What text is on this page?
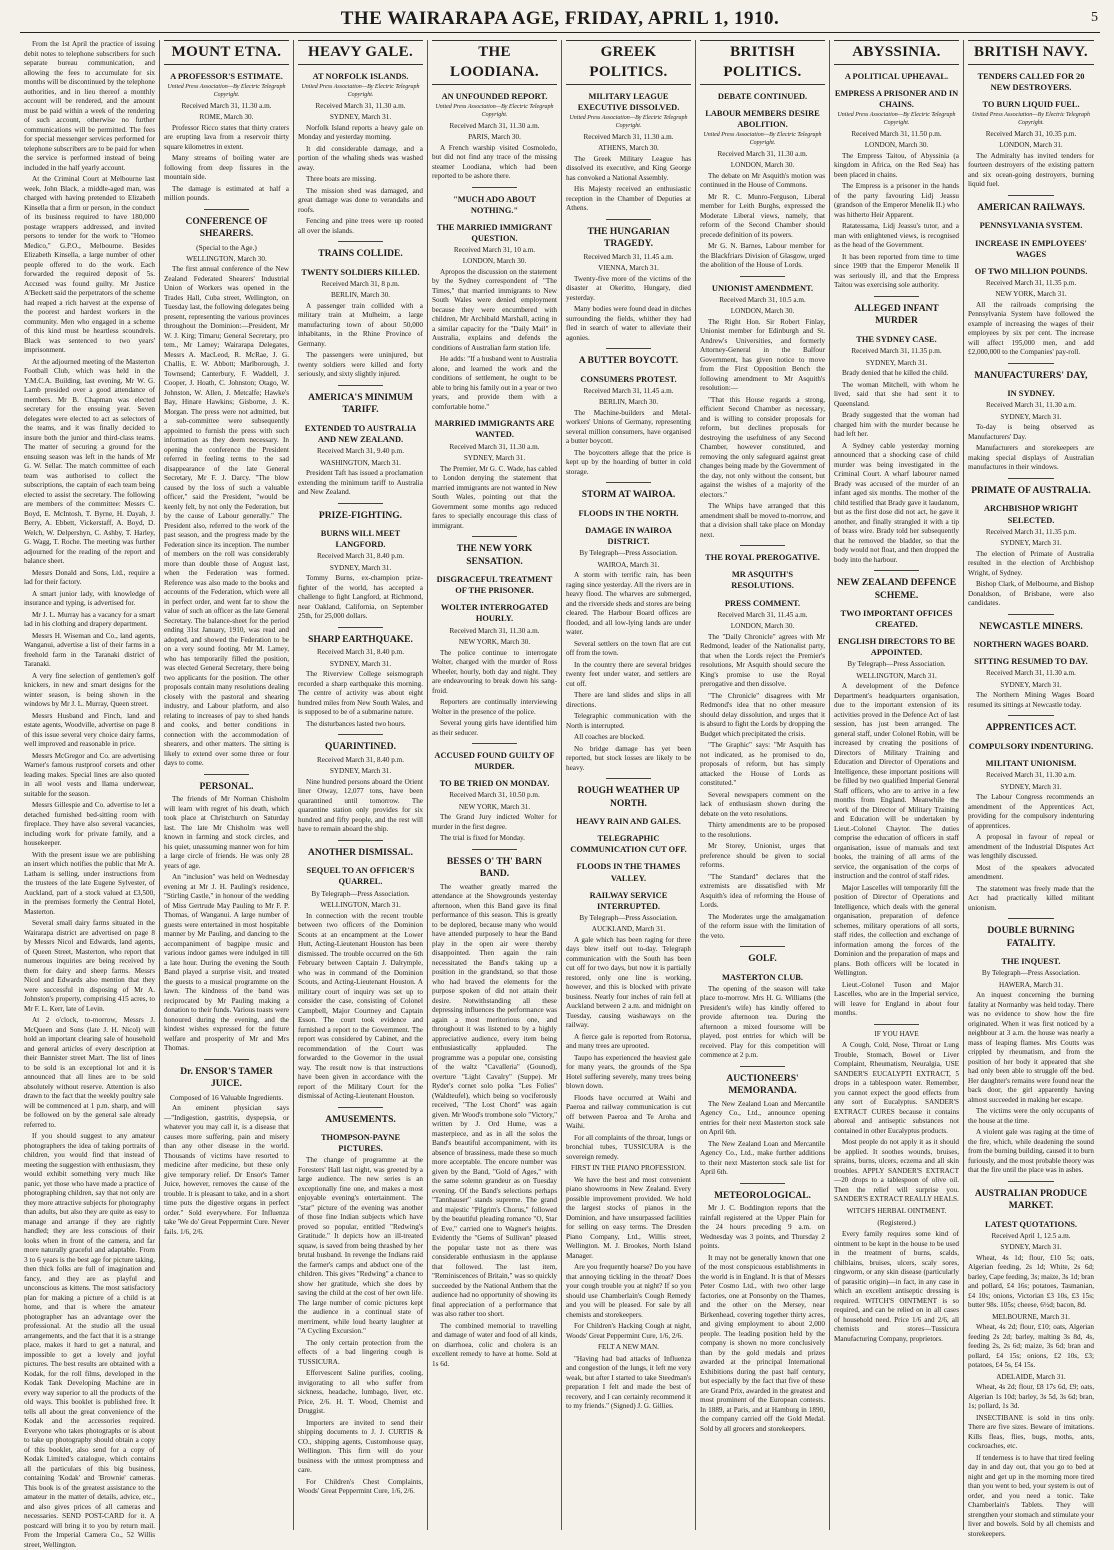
THE WAIRARAPA AGE, FRIDAY, APRIL 1, 1910.	5

From the 1st April the practice of issuing debit notes to telephone subscribers for such separate bureau communication, and allowing the fees to accumulate for six months will be discontinued by the telephone authorities, and in lieu thereof a monthly account will be rendered, and the amount must be paid within a week of the rendering of such account, otherwise no further communications will be permitted. The fees for special messenger services performed for telephone subscribers are to be paid for when the service is performed instead of being included in the half yearly account.

At the Criminal Court at Melbourne last week, John Black, a middle-aged man, was charged with having pretended to Elizabeth Kinsella that a firm or person, in the conduct of its business required to have 180,000 postage wrappers addressed, and invited persons to tender for the work to "Homeo Medico," G.P.O., Melbourne. Besides Elizabeth Kinsella, a large number of other people offered to do the work. Each forwarded the required deposit of 5s. Accused was found guilty. Mr Justice A'Beckett said the perpetrators of the scheme had reaped a rich harvest at the expense of the poorest and hardest workers in the community. Men who engaged in a scheme of this kind must be heartless scoundrels. Black was sentenced to two years' imprisonment.

At the adjourned meeting of the Masterton Football Club, which was held in the Y.M.C.A. Building, last evening, Mr W. G. Lamb presided over a good attendance of members. Mr B. Chapman was elected secretary for the ensuing year. Seven delegates were elected to act as selectors of the teams, and it was finally decided to insure both the junior and third-class teams. The matter of securing a ground for the ensuing season was left in the hands of Mr G. W. Sellar. The match committee of each team was authorised to collect the subscriptions, the captain of each team being elected to assist the secretary. The following are members of the committee: Messrs C. Boyd, E. McIntosh, T. Byrne, H. Dayah, J. Berry, A. Ebbett, Vickerstaff, A. Boyd, D. Welch, W. Delpershyn, C. Ashby, T. Harley, G. Wagg, T. Roche. The meeting was further adjourned for the reading of the report and balance sheet.

Messrs Donald and Sons, Ltd., require a lad for their factory.

A smart junior lady, with knowledge of insurance and typing, is advertised for.

Mr J. L. Murray has a vacancy for a smart lad in his clothing and drapery department.

Messrs H. Wiseman and Co., land agents, Wanganui, advertise a list of their farms in a freehold farm in the Taranaki district of Taranaki.

A very fine selection of gentlemen's golf knickers, in new and smart designs for the winter season, is being shown in the windows by Mr J. L. Murray, Queen street.

Messrs Husband and Finch, land and estate agents, Woodville, advertise on page 8 of this issue several very choice dairy farms, well improved and reasonable in price.

Messrs McGregor and Co. are advertising Warner's famous rustproof corsets and other leading makes. Special lines are also quoted in all wool vests and llama underwear, suitable for the season.

Messrs Gillespie and Co. advertise to let a detached furnished bed-sitting room with fireplace. They have also several vacancies, including work for private family, and a housekeeper.

With the present issue we are publishing an insert which notifies the public that Mr A. Latham is selling, under instructions from the trustees of the late Eugene Sylvester, of Auckland, part of a stock valued at £3,500, in the premises formerly the Central Hotel, Masterton.

Several small dairy farms situated in the Wairarapa district are advertised on page 8 by Messrs Nicol and Edwards, land agents, of Queen Street, Masterton, who report that numerous inquiries are being received by them for dairy and sheep farms. Messrs Nicol and Edwards also mention that they were successful in disposing of Mr A. Johnston's property, comprising 415 acres, to Mr F. L. Kerr, late of Levin.

At 2 o'clock, to-morrow, Messrs J. McQueen and Sons (late J. H. Nicol) will hold an important clearing sale of household and general articles of every description at their Bannister street Mart. The list of lines to be sold is an exceptional lot and it is announced that all lines are to be sold absolutely without reserve. Attention is also drawn to the fact that the weekly poultry sale will be commenced at 1 p.m. sharp, and will be followed on by the general sale already referred to.

If you should suggest to any amateur photographers the idea of taking portraits of children, you would find that instead of meeting the suggestion with enthusiasm, they would exhibit something very much like panic, yet those who have made a practice of photographing children, say that not only are they more attractive subjects for photography than adults, but also they are quite as easy to manage and arrange if they are rightly handled; they are less conscious of their looks when in front of the camera, and far more naturally graceful and adaptable. From 3 to 6 years is the best age for picture taking, then thick folks are full of imagination and fancy, and they are as playful and unconscious as kittens. The most satisfactory plan for making a picture of a child is at home, and that is where the amateur photographer has an advantage over the professional. At the studio all the usual arrangements, and the fact that it is a strange place, makes it hard to get a natural, and impossible to get a lovely and joyful pictures. The best results are obtained with a Kodak, for the roll films, developed in the Kodak Tank Developing Machine are in every way superior to all the products of the old ways. This booklet is published free. It tells all about the great convenience of the Kodak and the accessories required. Everyone who takes photographs or is about to take up photography should obtain a copy of this booklet, also send for a copy of Kodak Limited's catalogue, which contains all the particulars of this big business, containing 'Kodak' and 'Brownie' cameras. This book is of the greatest assistance to the amateur in the matter of details, advice, etc., and also gives prices of all cameras and necessaries. SEND POST-CARD for it. A postcard will bring it to you by return mail. From the Imperial Camera Co., 52 Willis street, Wellington.

MOUNT ETNA.
A PROFESSOR'S ESTIMATE.

United Press Association—By Electric Telegraph Copyright.

Received March 31, 11.30 a.m.

ROME, March 30.

Professor Ricco states that thirty craters are erupting lava from a reservoir thirty square kilometres in extent.

Many streams of boiling water are following from deep fissures in the mountain side.

The damage is estimated at half a million pounds.

CONFERENCE OF SHEARERS.
(Special to the Age.)

WELLINGTON, March 30.

The first annual conference of the New Zealand Federated Shearers' Industrial Union of Workers was opened in the Trades Hall, Cuba street, Wellington, on Tuesday last, the following delegates being present, representing the various provinces throughout the Dominion:—President, Mr W. J. Kirg; Timaru; General Secretary, pro tem., Mr Lamey; Wairarapa Delegates, Messrs A. MacLeod, R. McRae, J. G. Challis, E. W. Abbott; Marlborough, J. Townsend; Canterbury, F. Waddell, J. Cooper, J. Hoath, C. Johnston; Otago, W. Johnston, W. Allen, J. Metcalfe; Hawke's Bay, Hinare Hawkins; Gisborne, J. K. Morgan. The press were not admitted, but a sub-committee were subsequently appointed to furnish the press with such information as they deem necessary. In opening the conference the President referred in feeling terms to the sad disappearance of the late General Secretary, Mr F. J. Darcy. "The blow caused by the loss of such a valuable officer," said the President, "would be keenly felt, by not only the Federation, but by the cause of Labour generally." The President also, referred to the work of the past season, and the progress made by the Federation since its inception. The number of members on the roll was considerably more than double those of August last, when the Federation was formed. Reference was also made to the books and accounts of the Federation, which were all in perfect order, and went far to show the value of such an officer as the late General Secretary. The balance-sheet for the period ending 31st January, 1910, was read and adopted, and showed the Federation to be on a very sound footing. Mr M. Lamey, who has temporarily filled the position, was elected General Secretary, there being two applicants for the position. The other proposals contain many resolutions dealing closely with the pastoral and shearing industry, and Labour platform, and also relating to increases of pay to shed hands and cooks, and better conditions in connection with the accommodation of shearers, and other matters. The sitting is likely to extend over some three or four days to come.

PERSONAL.

The friends of Mr Norman Chisholm will learn with regret of his death, which took place at Christchurch on Saturday last. The late Mr Chisholm was well known in farming and stock circles, and his quiet, unassuming manner won for him a large circle of friends. He was only 28 years of age.

An "inclusion" was held on Wednesday evening at Mr J. H. Pauling's residence, "Stirling Castle," in honour of the wedding of Miss Gertrude May Pauling to Mr F. P. Thomas, of Wanganui. A large number of guests were entertained in most hospitable manner by Mr Pauling, and dancing to the accompaniment of bagpipe music and various indoor games were indulged in till a late hour. During the evening the South Band played a surprise visit, and treated the guests to a musical programme on the lawn. The kindness of the band was reciprocated by Mr Pauling making a donation to their funds. Various toasts were honoured during the evening, and the kindest wishes expressed for the future welfare and prosperity of Mr and Mrs Thomas.

Dr. ENSOR'S TAMER JUICE.
Composed of 16 Valuable Ingredients.

An eminent physician says—"Indigestion, gastritis, dyspepsia, or whatever you may call it, is a disease that causes more suffering, pain and misery than any other disease in the world. Thousands of victims have resorted to medicine after medicine, but these only give temporary relief. Dr Ensor's Tamer Juice, however, removes the cause of the trouble. It is pleasant to take, and in a short time puts the digestive organs in perfect order." Sold everywhere. For Influenza take 'We do' Great Peppermint Cure. Never fails. 1/6, 2/6.

HEAVY GALE.
AT NORFOLK ISLANDS.

United Press Association—By Electric Telegraph Copyright.

Received March 31, 11.30 a.m.

SYDNEY, March 31.

Norfolk Island reports a heavy gale on Monday and yesterday morning.

It did considerable damage, and a portion of the whaling sheds was washed away.

Three boats are missing.

The mission shed was damaged, and great damage was done to verandahs and roofs.

Fencing and pine trees were up rooted all over the islands.

TRAINS COLLIDE.
TWENTY SOLDIERS KILLED.

Received March 31, 8 p.m.

BERLIN, March 30.

A passenger train collided with a military train at Mulheim, a large manufacturing town of about 50,000 inhabitants, in the Rhine Province of Germany.

The passengers were uninjured, but twenty soldiers were killed and forty seriously, and sixty slightly injured.

AMERICA'S MINIMUM TARIFF.
EXTENDED TO AUSTRALIA AND NEW ZEALAND.

Received March 31, 9.40 p.m.

WASHINGTON, March 31.

President Taft has issued a proclamation extending the minimum tariff to Australia and New Zealand.

PRIZE-FIGHTING.
BURNS WILL MEET LANGFORD.

Received March 31, 8.40 p.m.

SYDNEY, March 31.

Tommy Burns, ex-champion prize-fighter of the world, has accepted a challenge to fight Langford, at Richmond, near Oakland, California, on September 25th, for 25,000 dollars.

SHARP EARTHQUAKE.

Received March 31, 8.40 p.m.

SYDNEY, March 31.

The Riverview College seismograph recorded a sharp earthquake this morning. The centre of activity was about eight hundred miles from New South Wales, and is supposed to be of a submarine nature.

The disturbances lasted two hours.

QUARINTINED.

Received March 31, 8.40 p.m.

SYDNEY, March 31.

Nine hundred persons aboard the Orient liner Otway, 12,077 tons, have been quarantined until tomorrow. The quarantine station only provides for six hundred and fifty people, and the rest will have to remain aboard the ship.

ANOTHER DISMISSAL.
SEQUEL TO AN OFFICER'S QUARREL.

By Telegraph—Press Association.

WELLINGTON, March 31.

In connection with the recent trouble between two officers of the Dominion Scouts at an encampment at the Lower Hutt, Acting-Lieutenant Houston has been dismissed. The trouble occurred on the 6th February between Captain J. Dalrymple, who was in command of the Dominion Scouts, and Acting-Lieutenant Houston. A military court of inquiry was set up to consider the case, consisting of Colonel Campbell, Major Courtney and Captain Esson. The court took evidence and furnished a report to the Government. The report was considered by Cabinet, and the recommendation of the Court was forwarded to the Governor in the usual way. The result now is that instructions have been given in accordance with the report of the Military Court for the dismissal of Acting-Lieutenant Houston.

AMUSEMENTS.
THOMPSON-PAYNE PICTURES.

The change of programme at the Foresters' Hall last night, was greeted by a large audience. The new series is an exceptionally fine one, and makes a most enjoyable evening's entertainment. The "star" picture of the evening was another of those fine Indian subjects which have proved so popular, entitled "Redwing's Gratitude." It depicts how an ill-treated squaw, is saved from being thrashed by her brutal husband. In revenge the Indians raid the farmer's camps and abduct one of the children. This gives "Redwing" a chance to show her gratitude, which she does by saving the child at the cost of her own life. The large number of comic pictures kept the audience in a continual state of merriment, while loud hearty laughter at "A Cycling Excursion."

The only certain protection from the effects of a bad lingering cough is TUSSICURA.

Effervescent Saline purifies, cooling, invigorating to all who suffer from sickness, headache, lumbago, liver, etc. Price, 2/6. H. T. Wood, Chemist and Druggist.

Importers are invited to send their shipping documents to J. J. CURTIS & CO., shipping agents, Customhouse quay, Wellington. This firm will do your business with the utmost promptness and care.

For Children's Chest Complaints, Woods' Great Peppermint Cure, 1/6, 2/6.

THE LOODIANA.
AN UNFOUNDED REPORT.

United Press Association—By Electric Telegraph Copyright.

Received March 31, 11.30 a.m.

PARIS, March 30.

A French warship visited Cosmoledo, but did not find any trace of the missing steamer Loodiana, which had been reported to be ashore there.

"MUCH ADO ABOUT NOTHING."
THE MARRIED IMMIGRANT QUESTION.

Received March 31, 10 a.m.

LONDON, March 30.

Apropos the discussion on the statement by the Sydney correspondent of "The Times," that married immigrants to New South Wales were denied employment because they were encumbered with children, Mr Archibald Marshall, acting in a similar capacity for the "Daily Mail" in Australia, explains and defends the conditions of Australian farm station life.

He adds: "If a husband went to Australia alone, and learned the work and the conditions of settlement, he ought to be able to bring his family out in a year or two years, and provide them with a comfortable home."

MARRIED IMMIGRANTS ARE WANTED.

Received March 31, 11.30 a.m.

SYDNEY, March 31.

The Premier, Mr G. C. Wade, has cabled to London denying the statement that married immigrants are not wanted in New South Wales, pointing out that the Government some months ago reduced fares to specially encourage this class of immigrant.

THE NEW YORK SENSATION.
DISGRACEFUL TREATMENT OF THE PRISONER.
WOLTER INTERROGATED HOURLY.

Received March 31, 11.30 a.m.

NEW YORK, March 30.

The police continue to interrogate Wolter, charged with the murder of Ross Wheeler, hourly, both day and night. They are endeavouring to break down his sang-froid.

Reporters are continually interviewing Wolter in the presence of the police.

Several young girls have identified him as their seducer.

ACCUSED FOUND GUILTY OF MURDER.
TO BE TRIED ON MONDAY.

Received March 31, 10.50 p.m.

NEW YORK, March 31.

The Grand Jury indicted Wolter for murder in the first degree.

The trial is fixed for Monday.

BESSES O' TH' BARN BAND.

The weather greatly marred the attendance at the Showgrounds yesterday afternoon, when this Band gave its final performance of this season. This is greatly to be deplored, because many who would have attended purposely to hear the Band play in the open air were thereby disappointed. Then again the rain necessitated the Band's taking up a position in the grandstand, so that those who had braved the elements for the purpose spoken of did not attain their desire. Notwithstanding all these depressing influences the performance was again a most meritorious one, and throughout it was listened to by a highly appreciative audience, every item being enthusiastically applauded. The programme was a popular one, consisting of the waltz "Cavalleria" (Gounod), overture "Light Cavalry" (Suppe). Mr Ryder's cornet solo polka "Les Folies" (Waldteufel), which being so vociferously received, "The Lost Chord" was again given. Mr Wood's trombone solo "Victory," written by J. Ord Hume, was a masterpiece, and as in all the solos the Band's beautiful accompaniment, with its absence of brassiness, made these so much more acceptable. The encore number was given by the Band, "Gold of Ages," with the same solemn grandeur as on Tuesday evening. Of the Band's selections perhaps "Tannhauser" stands supreme. The grand and majestic "Pilgrim's Chorus," followed by the beautiful pleading romance "O, Star of Eve," carried one to Wagner's heights. Evidently the "Gems of Sullivan" pleased the popular taste not as there was considerable enthusiasm in the applause that followed. The last item, "Reminiscences of Britain," was so quickly succeeded by the National Anthem that the audience had no opportunity of showing its final appreciation of a performance that was also rather too short.

The combined memorial to travelling and damage of water and food of all kinds, on diarrhoea, colic and cholera is an excellent remedy to have at home. Sold at 1s 6d.

GREEK POLITICS.
MILITARY LEAGUE EXECUTIVE DISSOLVED.

United Press Association—By Electric Telegraph Copyright.

Received March 31, 11.30 a.m.

ATHENS, March 30.

The Greek Military League has dissolved its executive, and King George has convoked a National Assembly.

His Majesty received an enthusiastic reception in the Chamber of Deputies at Athens.

THE HUNGARIAN TRAGEDY.

Received March 31, 11.45 a.m.

VIENNA, March 31.

Twenty-five more of the victims of the disaster at Okeritto, Hungary, died yesterday.

Many bodies were found dead in ditches surrounding the fields, whither they had fled in search of water to alleviate their agonies.

A BUTTER BOYCOTT.
CONSUMERS PROTEST.

Received March 31, 11.45 a.m.

BERLIN, March 30.

The Machine-builders and Metal-workers' Unions of Germany, representing several million consumers, have organised a butter boycott.

The boycotters allege that the price is kept up by the hoarding of butter in cold storage.

STORM AT WAIROA.
FLOODS IN THE NORTH.
DAMAGE IN WAIROA DISTRICT.

By Telegraph—Press Association.

WAIROA, March 31.

A storm with terrific rain, has been raging since yesterday. All the rivers are in heavy flood. The wharves are submerged, and the riverside sheds and stores are being cleared. The Harbour Board offices are flooded, and all low-lying lands are under water.

Several settlers on the town flat are cut off from the town.

In the country there are several bridges twenty feet under water, and settlers are cut off.

There are land slides and slips in all directions.

Telegraphic communication with the North is interrupted.

All coaches are blocked.

No bridge damage has yet been reported, but stock losses are likely to be heavy.

ROUGH WEATHER UP NORTH.
HEAVY RAIN AND GALES.
TELEGRAPHIC COMMUNICATION CUT OFF.
FLOODS IN THE THAMES VALLEY.
RAILWAY SERVICE INTERRUPTED.

By Telegraph—Press Association.

AUCKLAND, March 31.

A gale which has been raging for three days blew itself out to-day. Telegraph communication with the South has been cut off for two days, but now it is partially restored, only one line is working, however, and this is blocked with private business. Nearly four inches of rain fell at Auckland between 2 a.m. and midnight on Tuesday, causing washaways on the railway.

A fierce gale is reported from Rotorua, and many trees are uprooted.

Taupo has experienced the heaviest gale for many years, the grounds of the Spa Hotel suffering severely, many trees being blown down.

Floods have occurred at Waihi and Paeroa and railway communication is cut off between Paeroa and Te Aroha and Waihi.

For all complaints of the throat, lungs or bronchial tubes, TUSSICURA is the sovereign remedy.

FIRST IN THE PIANO PROFESSION.

We have the best and most convenient piano showrooms in New Zealand. Every possible improvement provided. We hold the largest stocks of pianos in the Dominion, and have unsurpassed facilities for selling on easy terms. The Dresden Piano Company, Ltd., Willis street, Wellington. M. J. Brookes, North Island Manager.

Are you frequently hoarse? Do you have that annoying tickling in the throat? Does your cough trouble you at night? If so you should use Chamberlain's Cough Remedy and you will be pleased. For sale by all chemists and storekeepers.

For Children's Hacking Cough at night, Woods' Great Peppermint Cure, 1/6, 2/6.

FELT A NEW MAN.

"Having had bad attacks of Influenza and congestion of the lungs, it left me very weak, but after I started to take Steedman's preparation I felt and made the best of recovery, and I can certainly recommend it to my friends." (Signed) J. G. Gillies.

BRITISH POLITICS.
DEBATE CONTINUED.
LABOUR MEMBERS DESIRE ABOLITION.

United Press Association—By Electric Telegraph Copyright.

Received March 31, 11.30 a.m.

LONDON, March 30.

The debate on Mr Asquith's motion was continued in the House of Commons.

Mr R. C. Munro-Ferguson, Liberal member for Leith Burghs, expressed the Moderate Liberal views, namely, that reform of the Second Chamber should precede definition of its powers.

Mr G. N. Barnes, Labour member for the Blackfriars Division of Glasgow, urged the abolition of the House of Lords.

UNIONIST AMENDMENT.

Received March 31, 10.5 a.m.

LONDON, March 30.

The Right Hon. Sir Robert Finlay, Unionist member for Edinburgh and St. Andrew's Universities, and formerly Attorney-General in the Balfour Government, has given notice to move from the First Opposition Bench the following amendment to Mr Asquith's resolution:—

"That this House regards a strong, efficient Second Chamber as necessary, and is willing to consider proposals for reform, but declines proposals for destroying the usefulness of any Second Chamber, however constituted, and removing the only safeguard against great changes being made by the Government of the day, not only without the consent, but against the wishes of a majority of the electors."

The Whips have arranged that this amendment shall be moved to-morrow, and that a division shall take place on Monday next.

THE ROYAL PREROGATIVE.
MR ASQUITH'S RESOLUTIONS.
PRESS COMMENT.

Received March 31, 11.45 a.m.

LONDON, March 30.

The "Daily Chronicle" agrees with Mr Redmond, leader of the Nationalist party, that when the Lords reject the Premier's resolutions, Mr Asquith should secure the King's promise to use the Royal prerogative and then dissolve.

"The Chronicle" disagrees with Mr Redmond's idea that no other measure should delay dissolution, and urges that it is absurd to fight the Lords by dropping the Budget which precipitated the crisis.

"The Graphic" says: "Mr Asquith has not indicated, as he promised to do, proposals of reform, but has simply attacked the House of Lords as constituted."

Several newspapers comment on the lack of enthusiasm shown during the debate on the veto resolutions.

Thirty amendments are to be proposed to the resolutions.

Mr Storey, Unionist, urges that preference should be given to social reforms.

"The Standard" declares that the extremists are dissatisfied with Mr Asquith's idea of reforming the House of Lords.

The Moderates urge the amalgamation of the reform issue with the limitation of the veto.

GOLF.
MASTERTON CLUB.

The opening of the season will take place to-morrow. Mrs H. G. Williams (the President's wife) has kindly offered to provide afternoon tea. During the afternoon a mixed foursome will be played, post entries for which will be received. Play for this competition will commence at 2 p.m.

AUCTIONEERS' MEMORANDA.

The New Zealand Loan and Mercantile Agency Co., Ltd., announce opening entries for their next Masterton stock sale on April 6th.

The New Zealand Loan and Mercantile Agency Co., Ltd., make further additions to their next Masterton stock sale list for April 6th.

METEOROLOGICAL.

Mr J. C. Boddington reports that the rainfall registered at the Upper Plain for the 24 hours preceding 9 a.m. on Wednesday was 3 points, and Thursday 2 points.

It may not be generally known that one of the most conspicuous establishments in the world is in England. It is that of Messrs Peter Cosmo Ltd., with two other large factories, one at Ponsonby on the Thames, and the other on the Mersey, near Birkenhead, covering together thirty acres, and giving employment to about 2,000 people. The leading position held by the company is shown no more conclusively than by the gold medals and prizes awarded at the principal International Exhibitions during the past half century, but especially by the fact that five of these are Grand Prix, awarded in the greatest and most prominent of the European contests. In 1889, at Paris, and at Hamburg in 1890, the company carried off the Gold Medal. Sold by all grocers and storekeepers.

ABYSSINIA.
A POLITICAL UPHEAVAL.
EMPRESS A PRISONER AND IN CHAINS.

United Press Association—By Electric Telegraph Copyright.

Received March 31, 11.50 p.m.

LONDON, March 30.

The Empress Taitou, of Abyssinia (a kingdom in Africa, on the Red Sea) has been placed in chains.

The Empress is a prisoner in the hands of the party favouring Lidj Jeassu (grandson of the Emperor Menelik II.) who was hitherto Heir Apparent.

Ratatessama, Lidj Jeassu's tutor, and a man with enlightened views, is recognised as the head of the Government.

It has been reported from time to time since 1909 that the Emperor Menelik II was seriously ill, and that the Empress Taitou was exercising sole authority.

ALLEGED INFANT MURDER
THE SYDNEY CASE.

Received March 31, 11.35 p.m.

SYDNEY, March 31.

Brady denied that he killed the child.

The woman Mitchell, with whom he lived, said that she had sent it to Queensland.

Brady suggested that the woman had charged him with the murder because he had left her.

A Sydney cable yesterday morning announced that a shocking case of child murder was being investigated in the Criminal Court. A wharf labourer named Brady was accused of the murder of an infant aged six months. The mother of the child testified that Brady gave it laudanum, but as the first dose did not act, he gave it another, and finally strangled it with a tip of brass wire. Brady told her subsequently that he removed the bladder, so that the body would not float, and then dropped the body into the harbour.

NEW ZEALAND DEFENCE SCHEME.
TWO IMPORTANT OFFICES CREATED.
ENGLISH DIRECTORS TO BE APPOINTED.

By Telegraph—Press Association.

WELLINGTON, March 31.

A development of the Defence Department's headquarters organisation, due to the important extension of its activities proved in the Defence Act of last session, has just been arranged. The general staff, under Colonel Robin, will be increased by creating the positions of Directors of Military Training and Education and Director of Operations and Intelligence, these important positions will be filled by two qualified Imperial General Staff officers, who are to arrive in a few months from England. Meanwhile the work of the Director of Military Training and Education will be undertaken by Lieut.-Colonel Chaytor. The duties comprise the education of officers in staff organisation, issue of manuals and text books, the training of all arms of the service, the organisation of the corps of instruction and the control of staff rides.

Major Lascelles will temporarily fill the position of Director of Operations and Intelligence, which deals with the general organisation, preparation of defence schemes, military operations of all sorts, staff rides, the collection and exchange of information among the forces of the Dominion and the preparation of maps and plans. Both officers will be located in Wellington.

Lieut.-Colonel Tuson and Major Lascelles, who are in the Imperial service, will leave for England in about four months.

IF YOU HAVE

A Cough, Cold, Nose, Throat or Lung Trouble, Stomach, Bowel or Liver Complaint, Rheumatism, Neuralgia, USE SANDER'S EUCALYPTI EXTRACT, 5 drops in a tablespoon water. Remember, you cannot expect the good effects from any sort of Eucalyptus. SANDER'S EXTRACT CURES because it contains aboreal and antiseptic substances not contained in other Eucalyptus products.

Most people do not apply it as it should be applied. It soothes wounds, bruises, sprains, burns, ulcers, eczema and all skin troubles. APPLY SANDER'S EXTRACT—20 drops to a tablespoon of olive oil. Then the relief will surprise you. SANDER'S EXTRACT REALLY HEALS.

WITCH'S HERBAL OINTMENT.

(Registered.)

Every family requires some kind of ointment to be kept in the house to be used in the treatment of burns, scalds, chilblains, bruises, ulcers, scaly sores, ringworm, or any skin disease (particularly of parasitic origin)—in fact, in any case in which an excellent antiseptic dressing is required. WITCH'S OINTMENT is so required, and can be relied on in all cases of household need. Price 1/6 and 2/6, all chemists and stores—Tussicura Manufacturing Company, proprietors.

BRITISH NAVY.
TENDERS CALLED FOR 20 NEW DESTROYERS.
TO BURN LIQUID FUEL.

United Press Association—By Electric Telegraph Copyright.

Received March 31, 10.35 p.m.

LONDON, March 31.

The Admiralty has invited tenders for fourteen destroyers of the existing pattern and six ocean-going destroyers, burning liquid fuel.

AMERICAN RAILWAYS.
PENNSYLVANIA SYSTEM.
INCREASE IN EMPLOYEES' WAGES
OF TWO MILLION POUNDS.

Received March 31, 11.35 p.m.

NEW YORK, March 31.

All the railroads comprising the Pennsylvania System have followed the example of increasing the wages of their employees by six per cent. The increase will affect 195,000 men, and add £2,000,000 to the Companies' pay-roll.

MANUFACTURERS' DAY,
IN SYDNEY.

Received March 31, 11.30 a.m.

SYDNEY, March 31.

To-day is being observed as Manufacturers' Day.

Manufacturers and storekeepers are making special displays of Australian manufactures in their windows.

PRIMATE OF AUSTRALIA.
ARCHBISHOP WRIGHT SELECTED.

Received March 31, 11.35 p.m.

SYDNEY, March 31.

The election of Primate of Australia resulted in the election of Archbishop Wright, of Sydney.

Bishop Clark, of Melbourne, and Bishop Donaldson, of Brisbane, were also candidates.

NEWCASTLE MINERS.
NORTHERN WAGES BOARD.
SITTING RESUMED TO DAY.

Received March 31, 11.30 a.m.

SYDNEY, March 31.

The Northern Mining Wages Board resumed its sittings at Newcastle today.

APPRENTICES ACT.
COMPULSORY INDENTURING.
MILITANT UNIONISM.

Received March 31, 11.30 a.m.

SYDNEY, March 31.

The Labour Congress recommends an amendment of the Apprentices Act, providing for the compulsory indenturing of apprentices.

A proposal in favour of repeal or amendment of the Industrial Disputes Act was lengthily discussed.

Most of the speakers advocated amendment.

The statement was freely made that the Act had practically killed militant unionism.

DOUBLE BURNING FATALITY.
THE INQUEST.

By Telegraph—Press Association.

HAWERA, March 31.

An inquest concerning the burning fatality at Normanby was held today. There was no evidence to show how the fire originated. When it was first noticed by a neighbour at 3 a.m. the house was nearly a mass of leaping flames. Mrs Coutts was crippled by rheumatism, and from the position of her body it appeared that she had only been able to struggle off the bed. Her daughter's remains were found near the back door, the girl apparently having almost succeeded in making her escape.

The victims were the only occupants of the house at the time.

A violent gale was raging at the time of the fire, which, while deadening the sound from the burning building, caused it to burn furiously, and the most probable theory was that the fire until the place was in ashes.

AUSTRALIAN PRODUCE MARKET.
LATEST QUOTATIONS.

Received April 1, 12.5 a.m.

SYDNEY, March 31.

Wheat, 4s 1d; flour, £10 5s; oats, Algerian feeding, 2s 1d; White, 2s 6d; barley, Cape feeding, 3s; maize, 3s 1d; bran and pollard, £4 16s; potatoes, Tasmanian, £4 10s; onions, Victorian £3 10s, £3 15s; butter 98s. 105s; cheese, 6½d; bacon, 8d.

MELBOURNE, March 31.

Wheat, 4s 2d; flour, £10; oats, Algerian feeding 2s 2d; barley, malting 3s 8d, 4s, feeding 2s, 2s 6d; maize, 3s 6d; bran and pollard, £4 15s; onions, £2 10s, £3; potatoes, £4 5s, £4 15s.

ADELAIDE, March 31.

Wheat, 4s 2d; flour, £8 17s 6d, £9; oats, Algerian 1s 10d; barley, 3s 5d, 3s 6d; bran, 1s; pollard, 1s 3d.

INSECTIBANE is sold in tins only. There are five sizes. Beware of imitations. Kills fleas, flies, bugs, moths, ants, cockroaches, etc.

If tenderness is to have that tired feeling day in and day out, that you go to bed at night and get up in the morning more tired than you went to bed, your system is out of order, and you need a tonic. Take Chamberlain's Tablets. They will strengthen your stomach and stimulate your liver and bowels. Sold by all chemists and storekeepers.
